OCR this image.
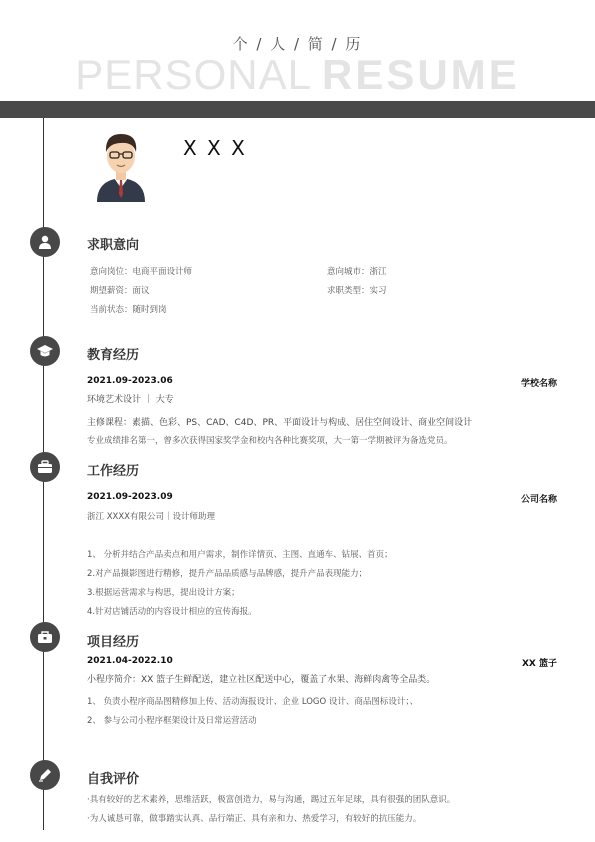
个 / 人 / 简 / 历
PERSONAL RESUME
X X X
求职意向
意向岗位：电商平面设计师	意向城市：浙江
期望薪资：面议	求职类型：实习
当前状态：随时到岗
教育经历
2021.09-2023.06	学校名称
环境艺术设计 ｜ 大专
主修课程：素描、色彩、PS、CAD、C4D、PR、平面设计与构成、居住空间设计、商业空间设计
专业成绩排名第一，曾多次获得国家奖学金和校内各种比赛奖项，大一第一学期被评为备选党员。
工作经历
2021.09-2023.09	公司名称
浙江 XXXX有限公司｜设计师助理
1、 分析并结合产品卖点和用户需求，制作详情页、主图、直通车、钻展、首页；
2.对产品摄影图进行精修，提升产品品质感与品牌感，提升产品表现能力；
3.根据运营需求与构思，提出设计方案；
4.针对店铺活动的内容设计相应的宣传海报。
项目经历
2021.04-2022.10	XX 篮子
小程序简介：XX 篮子生鲜配送，建立社区配送中心，覆盖了水果、海鲜肉禽等全品类。
1、 负责小程序商品图精修加上传、活动海报设计、企业 LOGO 设计、商品图标设计；、
2、 参与公司小程序框架设计及日常运营活动
自我评价
·具有较好的艺术素养，思维活跃，极富创造力，易与沟通，踢过五年足球，具有很强的团队意识。
·为人诚恳可靠，做事踏实认真、品行端正、具有亲和力、热爱学习，有较好的抗压能力。
